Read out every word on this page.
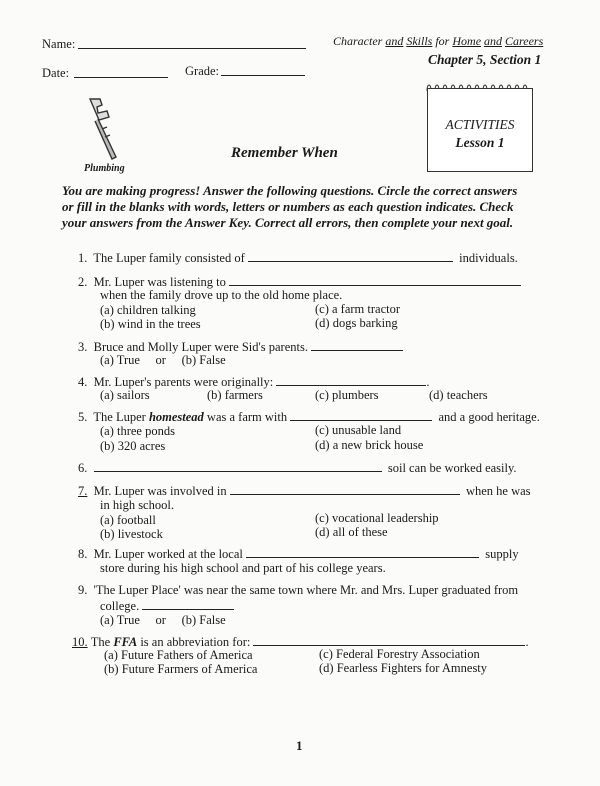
Name:
Date:	Grade:
Character and Skills for Home and Careers
Chapter 5, Section 1
Plumbing
ACTIVITIES
Lesson 1
Remember When
You are making progress! Answer the following questions. Circle the correct answers or fill in the blanks with words, letters or numbers as each question indicates. Check your answers from the Answer Key. Correct all errors, then complete your next goal.
1. The Luper family consisted of	individuals.
2. Mr. Luper was listening to
when the family drove up to the old home place.
(a) children talking	(c) a farm tractor
(b) wind in the trees	(d) dogs barking
3. Bruce and Molly Luper were Sid's parents.
(a) True     or     (b) False
4. Mr. Luper's parents were originally:	.
(a) sailors	(b) farmers	(c) plumbers	(d) teachers
5. The Luper homestead was a farm with	and a good heritage.
(a) three ponds	(c) unusable land
(b) 320 acres	(d) a new brick house
6.	soil can be worked easily.
7. Mr. Luper was involved in	when he was
in high school.
(a) football	(c) vocational leadership
(b) livestock	(d) all of these
8. Mr. Luper worked at the local	supply
store during his high school and part of his college years.
9. 'The Luper Place' was near the same town where Mr. and Mrs. Luper graduated from
college.
(a) True     or     (b) False
10. The FFA is an abbreviation for:	.
(a) Future Fathers of America	(c) Federal Forestry Association
(b) Future Farmers of America	(d) Fearless Fighters for Amnesty
1
